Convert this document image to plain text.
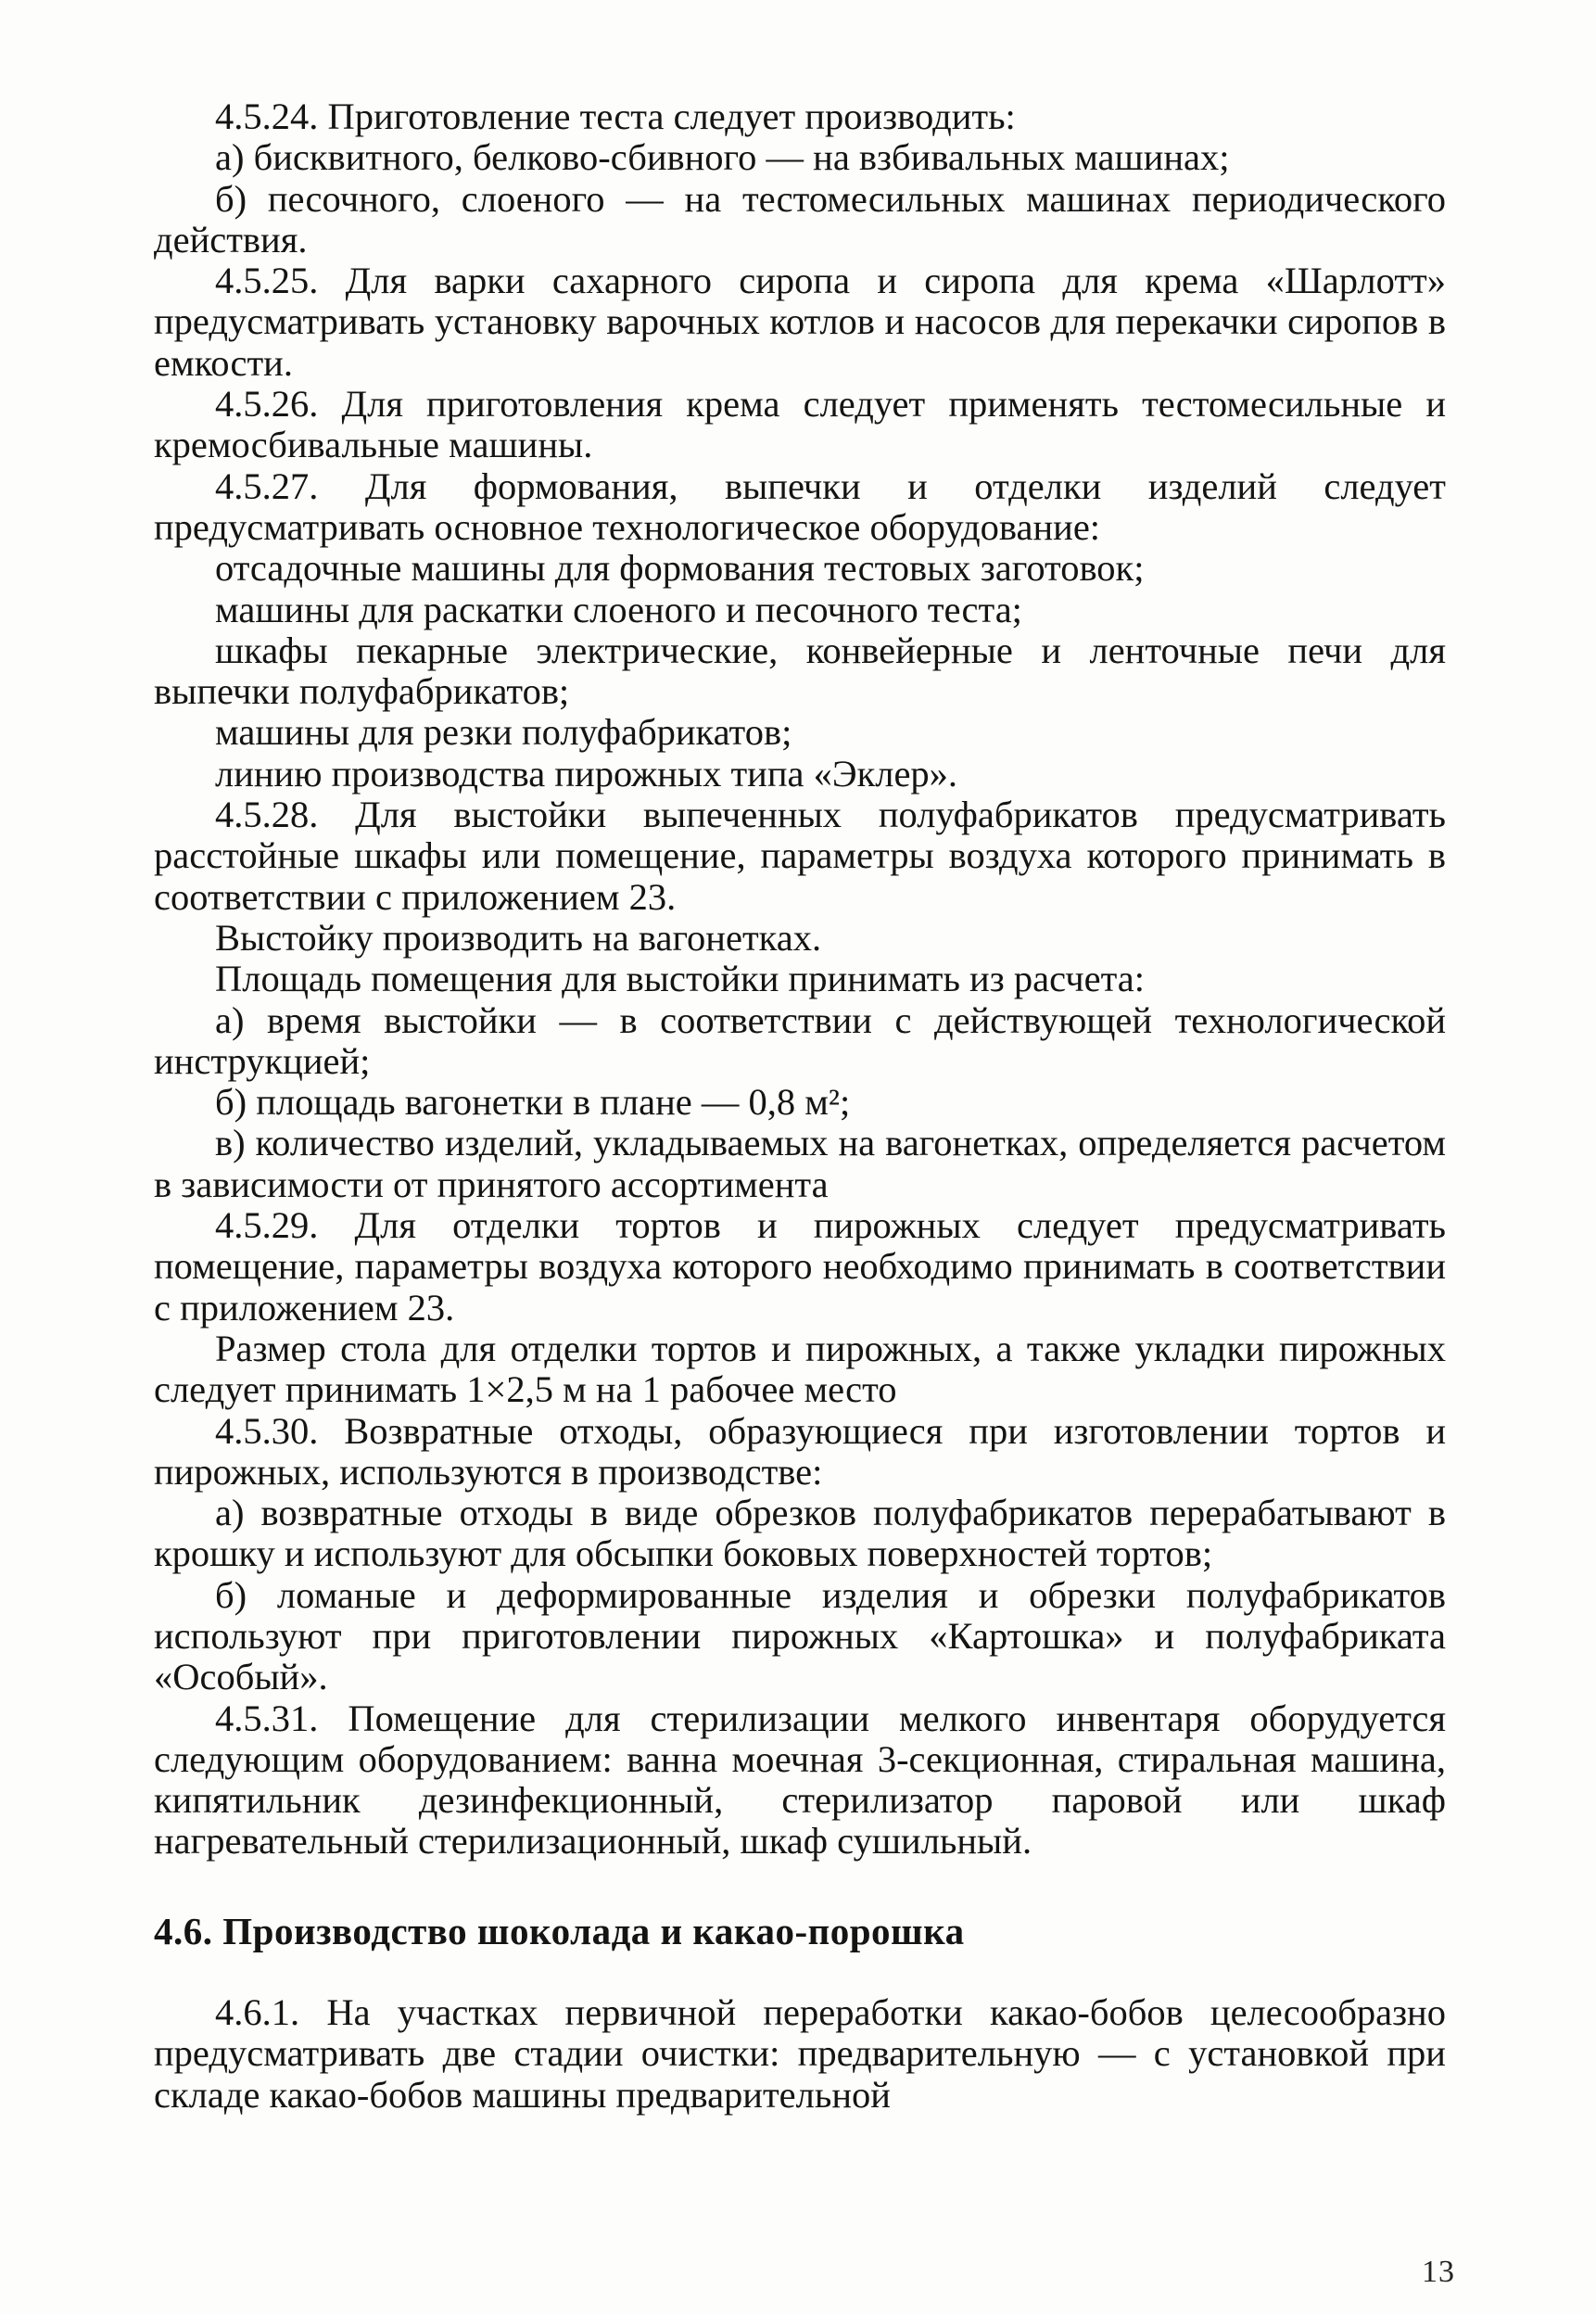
4.5.24. Приготовление теста следует производить:

а) бисквитного, белково-сбивного — на взбивальных машинах;

б) песочного, слоеного — на тестомесильных машинах периодического действия.

4.5.25. Для варки сахарного сиропа и сиропа для крема «Шарлотт» предусматривать установку варочных котлов и насосов для перекачки сиропов в емкости.

4.5.26. Для приготовления крема следует применять тестомесильные и кремосбивальные машины.

4.5.27. Для формования, выпечки и отделки изделий следует предусматривать основное технологическое оборудование:

отсадочные машины для формования тестовых заготовок;

машины для раскатки слоеного и песочного теста;

шкафы пекарные электрические, конвейерные и ленточные печи для выпечки полуфабрикатов;

машины для резки полуфабрикатов;

линию производства пирожных типа «Эклер».

4.5.28. Для выстойки выпеченных полуфабрикатов предусматривать расстойные шкафы или помещение, параметры воздуха которого принимать в соответствии с приложением 23.

Выстойку производить на вагонетках.

Площадь помещения для выстойки принимать из расчета:

а) время выстойки — в соответствии с действующей технологической инструкцией;

б) площадь вагонетки в плане — 0,8 м²;

в) количество изделий, укладываемых на вагонетках, определяется расчетом в зависимости от принятого ассортимента

4.5.29. Для отделки тортов и пирожных следует предусматривать помещение, параметры воздуха которого необходимо принимать в соответствии с приложением 23.

Размер стола для отделки тортов и пирожных, а также укладки пирожных следует принимать 1×2,5 м на 1 рабочее место

4.5.30. Возвратные отходы, образующиеся при изготовлении тортов и пирожных, используются в производстве:

а) возвратные отходы в виде обрезков полуфабрикатов перерабатывают в крошку и используют для обсыпки боковых поверхностей тортов;

б) ломаные и деформированные изделия и обрезки полуфабрикатов используют при приготовлении пирожных «Картошка» и полуфабриката «Особый».

4.5.31. Помещение для стерилизации мелкого инвентаря оборудуется следующим оборудованием: ванна моечная 3-секционная, стиральная машина, кипятильник дезинфекционный, стерилизатор паровой или шкаф нагревательный стерилизационный, шкаф сушильный.

4.6. Производство шоколада и какао-порошка

4.6.1. На участках первичной переработки какао-бобов целесообразно предусматривать две стадии очистки: предварительную — с установкой при складе какао-бобов машины предварительной

13
